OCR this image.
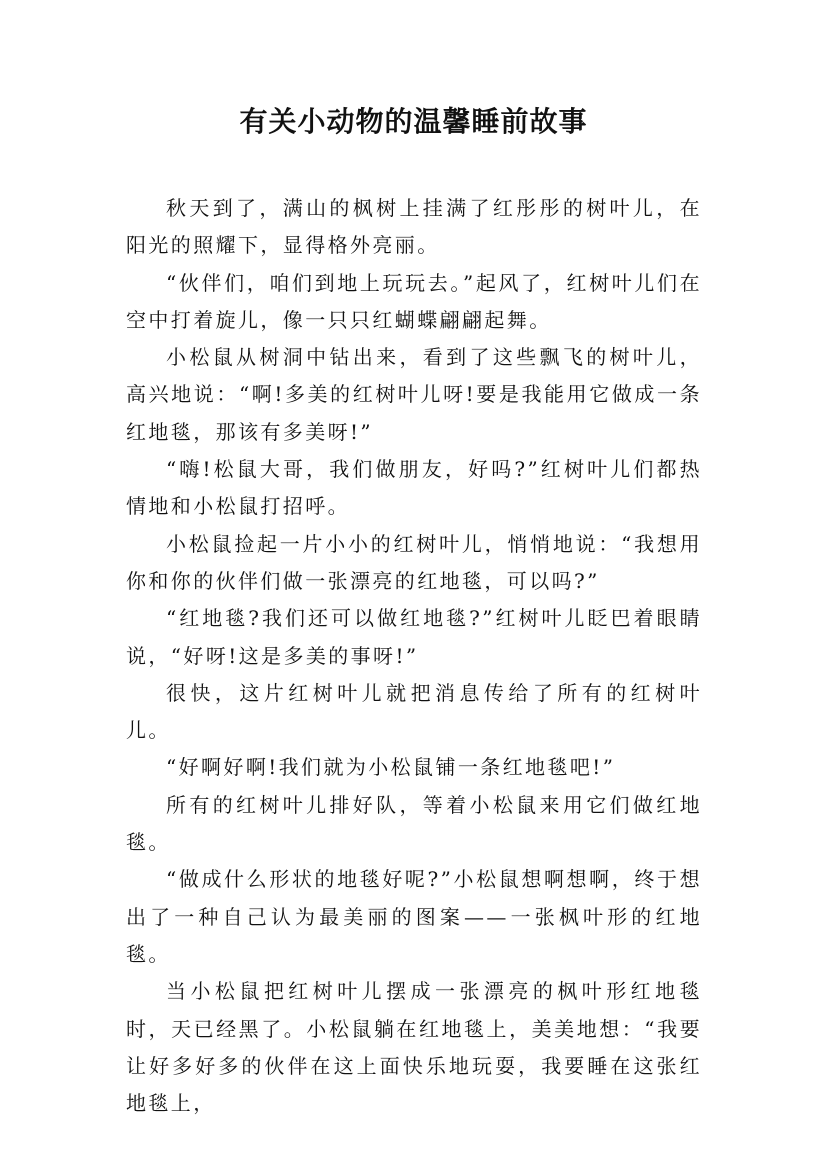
有关小动物的温馨睡前故事

秋天到了，满山的枫树上挂满了红彤彤的树叶儿，在阳光的照耀下，显得格外亮丽。

“伙伴们，咱们到地上玩玩去。”起风了，红树叶儿们在空中打着旋儿，像一只只红蝴蝶翩翩起舞。

小松鼠从树洞中钻出来，看到了这些飘飞的树叶儿，高兴地说：“啊!多美的红树叶儿呀!要是我能用它做成一条红地毯，那该有多美呀!”

“嗨!松鼠大哥，我们做朋友，好吗?”红树叶儿们都热情地和小松鼠打招呼。

小松鼠捡起一片小小的红树叶儿，悄悄地说：“我想用你和你的伙伴们做一张漂亮的红地毯，可以吗?”

“红地毯?我们还可以做红地毯?”红树叶儿眨巴着眼睛说，“好呀!这是多美的事呀!”

很快，这片红树叶儿就把消息传给了所有的红树叶儿。

“好啊好啊!我们就为小松鼠铺一条红地毯吧!”

所有的红树叶儿排好队，等着小松鼠来用它们做红地毯。

“做成什么形状的地毯好呢?”小松鼠想啊想啊，终于想出了一种自己认为最美丽的图案——一张枫叶形的红地毯。

当小松鼠把红树叶儿摆成一张漂亮的枫叶形红地毯时，天已经黑了。小松鼠躺在红地毯上，美美地想：“我要让好多好多的伙伴在这上面快乐地玩耍，我要睡在这张红地毯上，
